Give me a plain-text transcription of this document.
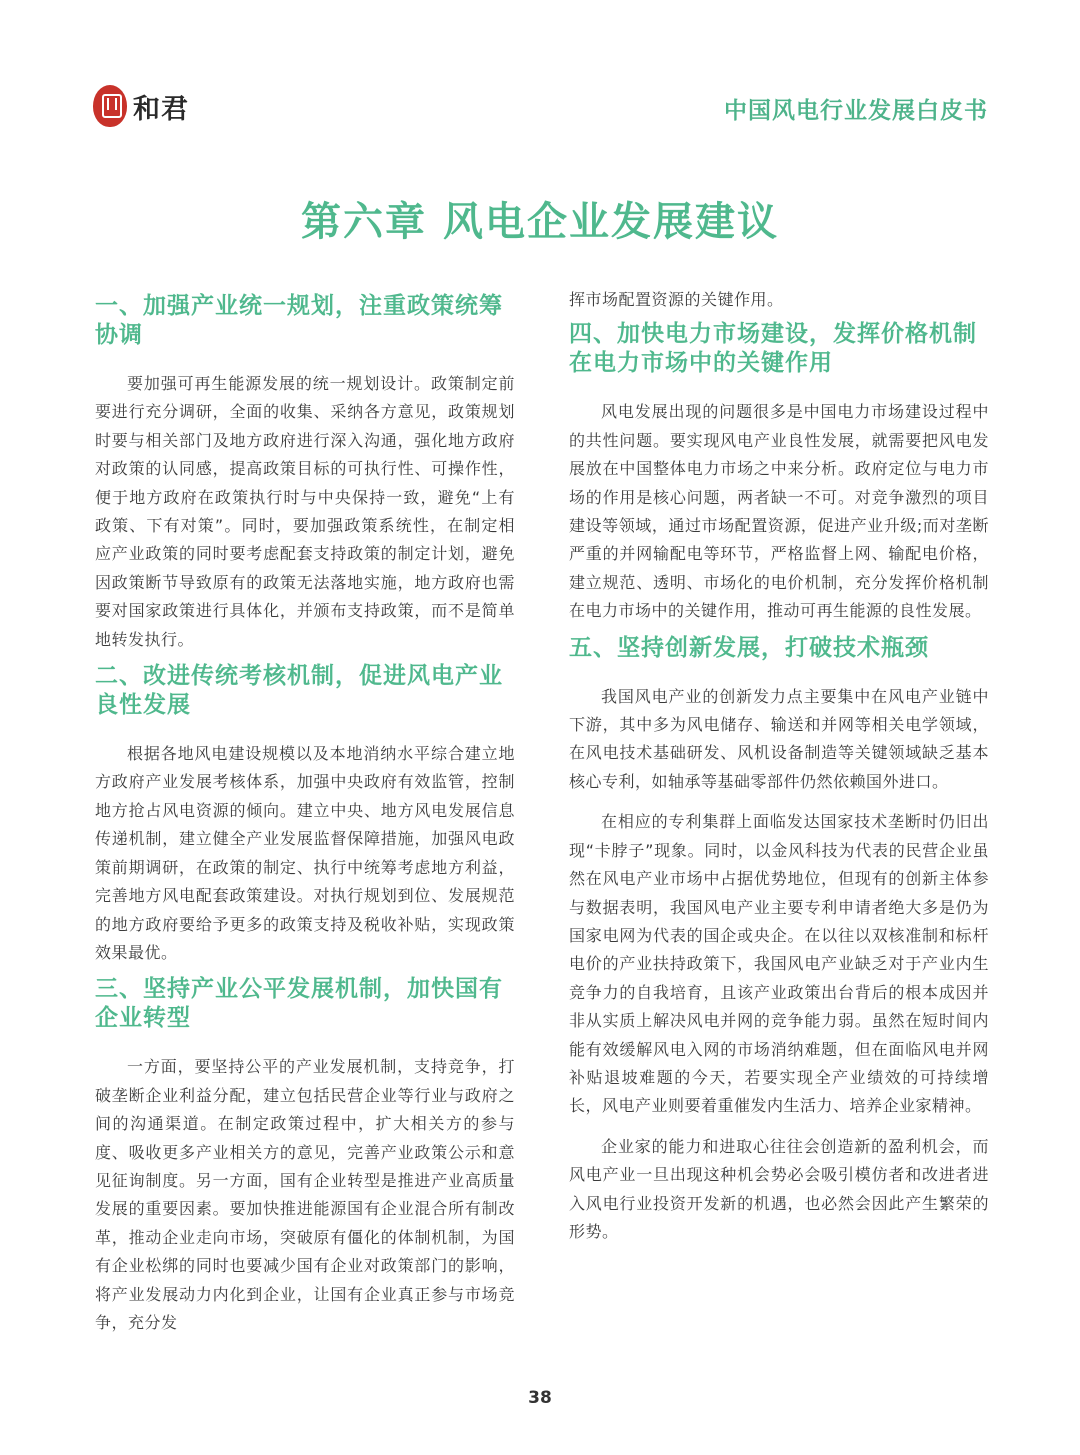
和君	中国风电行业发展白皮书
第六章 风电企业发展建议
一、加强产业统一规划，注重政策统筹协调

要加强可再生能源发展的统一规划设计。政策制定前要进行充分调研，全面的收集、采纳各方意见，政策规划时要与相关部门及地方政府进行深入沟通，强化地方政府对政策的认同感，提高政策目标的可执行性、可操作性，便于地方政府在政策执行时与中央保持一致，避免“上有政策、下有对策”。同时，要加强政策系统性，在制定相应产业政策的同时要考虑配套支持政策的制定计划，避免因政策断节导致原有的政策无法落地实施，地方政府也需要对国家政策进行具体化，并颁布支持政策，而不是简单地转发执行。

二、改进传统考核机制，促进风电产业良性发展

根据各地风电建设规模以及本地消纳水平综合建立地方政府产业发展考核体系，加强中央政府有效监管，控制地方抢占风电资源的倾向。建立中央、地方风电发展信息传递机制，建立健全产业发展监督保障措施，加强风电政策前期调研，在政策的制定、执行中统筹考虑地方利益，完善地方风电配套政策建设。对执行规划到位、发展规范的地方政府要给予更多的政策支持及税收补贴，实现政策效果最优。

三、坚持产业公平发展机制，加快国有企业转型

一方面，要坚持公平的产业发展机制，支持竞争，打破垄断企业利益分配，建立包括民营企业等行业与政府之间的沟通渠道。在制定政策过程中，扩大相关方的参与度、吸收更多产业相关方的意见，完善产业政策公示和意见征询制度。另一方面，国有企业转型是推进产业高质量发展的重要因素。要加快推进能源国有企业混合所有制改革，推动企业走向市场，突破原有僵化的体制机制，为国有企业松绑的同时也要减少国有企业对政策部门的影响，将产业发展动力内化到企业，让国有企业真正参与市场竞争，充分发

挥市场配置资源的关键作用。

四、加快电力市场建设，发挥价格机制在电力市场中的关键作用

风电发展出现的问题很多是中国电力市场建设过程中的共性问题。要实现风电产业良性发展，就需要把风电发展放在中国整体电力市场之中来分析。政府定位与电力市场的作用是核心问题，两者缺一不可。对竞争激烈的项目建设等领域，通过市场配置资源，促进产业升级;而对垄断严重的并网输配电等环节，严格监督上网、输配电价格，建立规范、透明、市场化的电价机制，充分发挥价格机制在电力市场中的关键作用，推动可再生能源的良性发展。

五、坚持创新发展，打破技术瓶颈

我国风电产业的创新发力点主要集中在风电产业链中下游，其中多为风电储存、输送和并网等相关电学领域，在风电技术基础研发、风机设备制造等关键领域缺乏基本核心专利，如轴承等基础零部件仍然依赖国外进口。

在相应的专利集群上面临发达国家技术垄断时仍旧出现“卡脖子”现象。同时，以金风科技为代表的民营企业虽然在风电产业市场中占据优势地位，但现有的创新主体参与数据表明，我国风电产业主要专利申请者绝大多是仍为国家电网为代表的国企或央企。在以往以双核准制和标杆电价的产业扶持政策下，我国风电产业缺乏对于产业内生竞争力的自我培育，且该产业政策出台背后的根本成因并非从实质上解决风电并网的竞争能力弱。虽然在短时间内能有效缓解风电入网的市场消纳难题，但在面临风电并网补贴退坡难题的今天，若要实现全产业绩效的可持续增长，风电产业则要着重催发内生活力、培养企业家精神。

企业家的能力和进取心往往会创造新的盈利机会，而风电产业一旦出现这种机会势必会吸引模仿者和改进者进入风电行业投资开发新的机遇，也必然会因此产生繁荣的形势。

38
